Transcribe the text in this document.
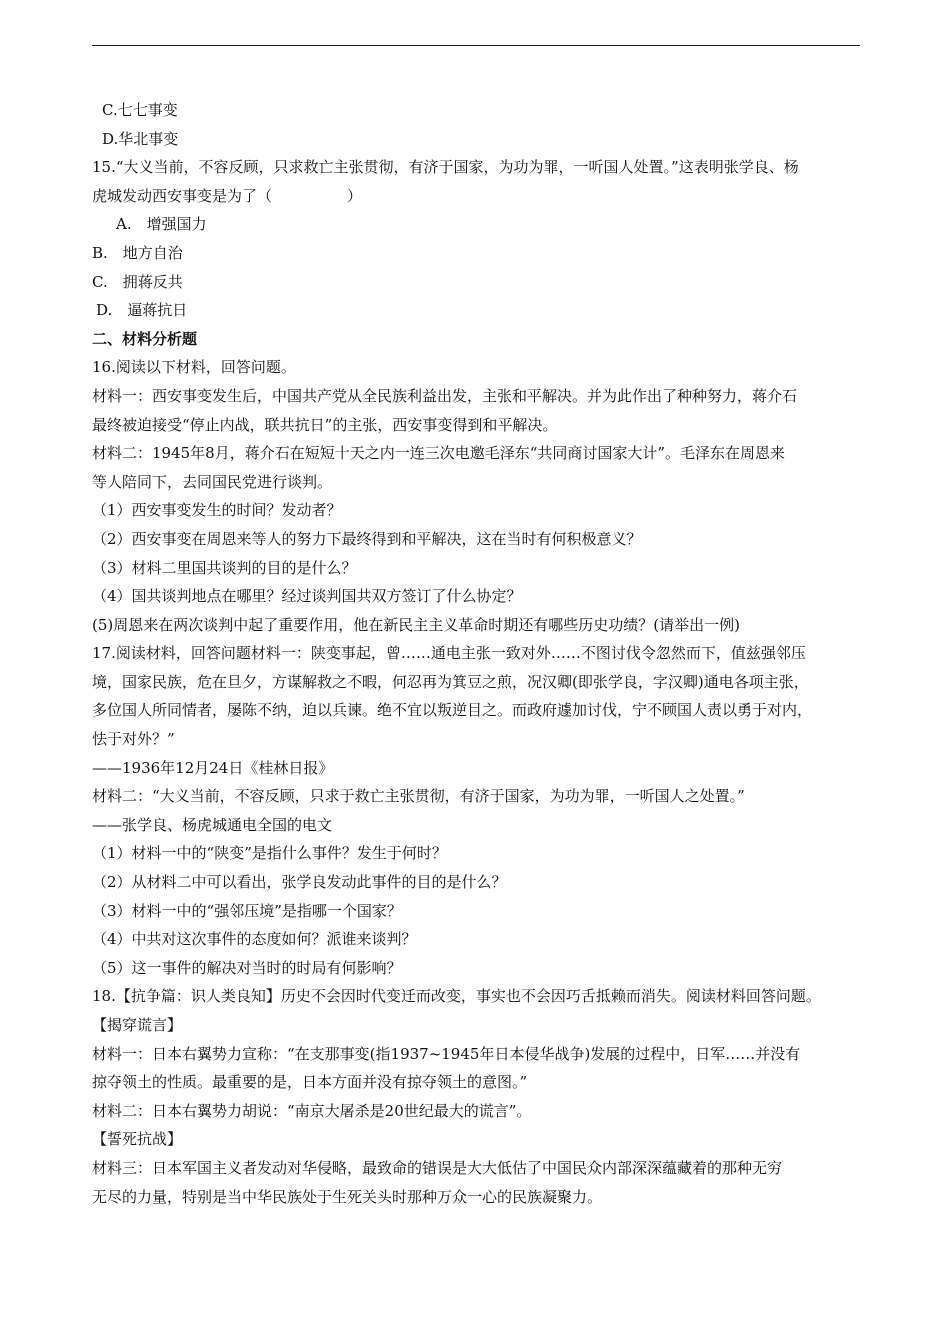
C.七七事变
D.华北事变
15.“大义当前，不容反顾，只求救亡主张贯彻，有济于国家，为功为罪，一听国人处置。”这表明张学良、杨
虎城发动西安事变是为了（　　　　　）
A.　增强国力
B.　地方自治
C.　拥蒋反共
D.　逼蒋抗日
二、材料分析题
16.阅读以下材料，回答问题。
材料一：西安事变发生后，中国共产党从全民族利益出发，主张和平解决。并为此作出了种种努力，蒋介石
最终被迫接受“停止内战，联共抗日”的主张，西安事变得到和平解决。
材料二：1945年8月，蒋介石在短短十天之内一连三次电邀毛泽东“共同商讨国家大计”。毛泽东在周恩来
等人陪同下，去同国民党进行谈判。
（1）西安事变发生的时间？发动者？
（2）西安事变在周恩来等人的努力下最终得到和平解决，这在当时有何积极意义？
（3）材料二里国共谈判的目的是什么？
（4）国共谈判地点在哪里？经过谈判国共双方签订了什么协定？
(5)周恩来在两次谈判中起了重要作用，他在新民主主义革命时期还有哪些历史功绩？(请举出一例)
17.阅读材料，回答问题材料一：陕变事起，曾……通电主张一致对外……不图讨伐令忽然而下，值兹强邻压
境，国家民族，危在旦夕，方谋解救之不暇，何忍再为箕豆之煎，况汉卿(即张学良，字汉卿)通电各项主张，
多位国人所同情者，屡陈不纳，迫以兵谏。绝不宜以叛逆目之。而政府遽加讨伐，宁不顾国人责以勇于对内，
怯于对外？”
——1936年12月24日《桂林日报》
材料二：“大义当前，不容反顾，只求于救亡主张贯彻，有济于国家，为功为罪，一听国人之处置。”
——张学良、杨虎城通电全国的电文
（1）材料一中的“陕变”是指什么事件？发生于何时？
（2）从材料二中可以看出，张学良发动此事件的目的是什么？
（3）材料一中的“强邻压境”是指哪一个国家？
（4）中共对这次事件的态度如何？派谁来谈判？
（5）这一事件的解决对当时的时局有何影响？
18.【抗争篇：识人类良知】历史不会因时代变迁而改变，事实也不会因巧舌抵赖而消失。阅读材料回答问题。
【揭穿谎言】
材料一：日本右翼势力宣称：“在支那事变(指1937~1945年日本侵华战争)发展的过程中，日军……并没有
掠夺领土的性质。最重要的是，日本方面并没有掠夺领土的意图。”
材料二：日本右翼势力胡说：“南京大屠杀是20世纪最大的谎言”。
【誓死抗战】
材料三：日本军国主义者发动对华侵略，最致命的错误是大大低估了中国民众内部深深蕴藏着的那种无穷
无尽的力量，特别是当中华民族处于生死关头时那种万众一心的民族凝聚力。
